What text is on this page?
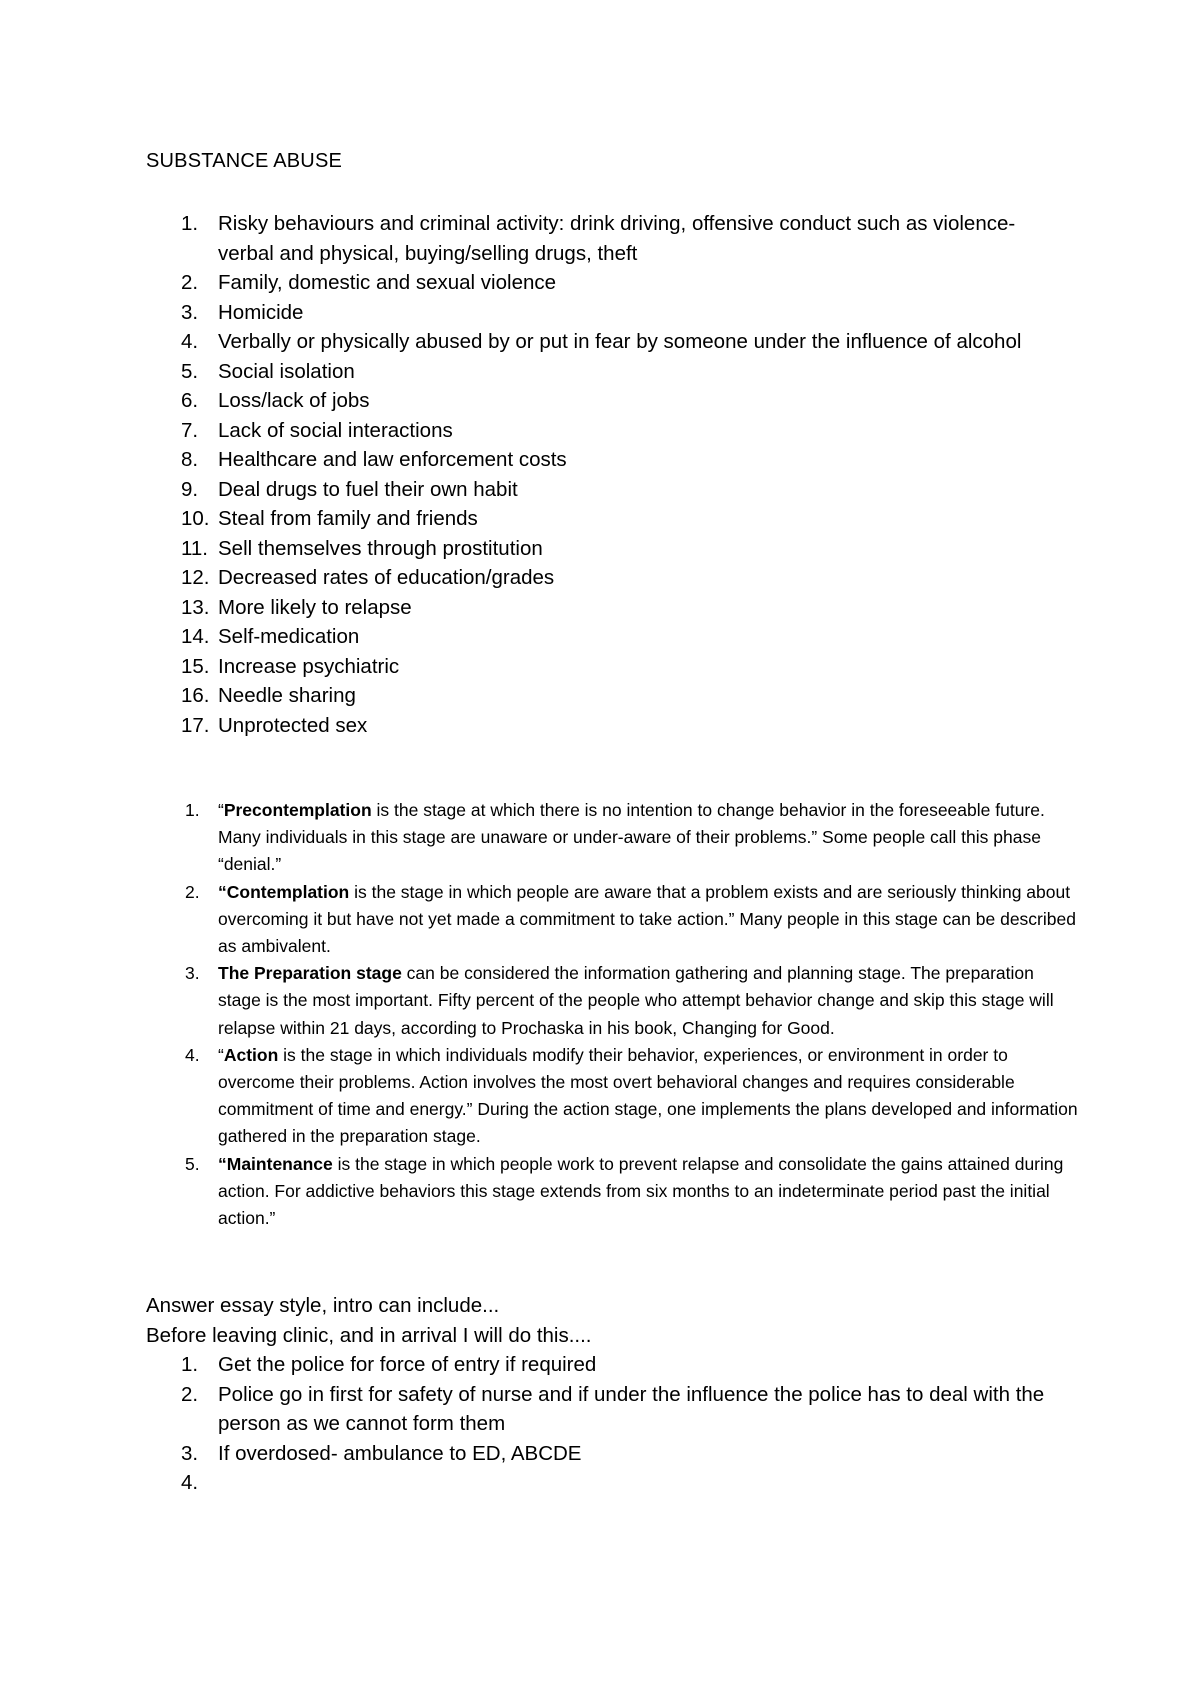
SUBSTANCE ABUSE
1. Risky behaviours and criminal activity: drink driving, offensive conduct such as violence- verbal and physical, buying/selling drugs, theft
2. Family, domestic and sexual violence
3. Homicide
4. Verbally or physically abused by or put in fear by someone under the influence of alcohol
5. Social isolation
6. Loss/lack of jobs
7. Lack of social interactions
8. Healthcare and law enforcement costs
9. Deal drugs to fuel their own habit
10. Steal from family and friends
11. Sell themselves through prostitution
12. Decreased rates of education/grades
13. More likely to relapse
14. Self-medication
15. Increase psychiatric
16. Needle sharing
17. Unprotected sex
1. “Precontemplation is the stage at which there is no intention to change behavior in the foreseeable future. Many individuals in this stage are unaware or under-aware of their problems.” Some people call this phase “denial.”
2. “Contemplation is the stage in which people are aware that a problem exists and are seriously thinking about overcoming it but have not yet made a commitment to take action.” Many people in this stage can be described as ambivalent.
3. The Preparation stage can be considered the information gathering and planning stage. The preparation stage is the most important. Fifty percent of the people who attempt behavior change and skip this stage will relapse within 21 days, according to Prochaska in his book, Changing for Good.
4. “Action is the stage in which individuals modify their behavior, experiences, or environment in order to overcome their problems. Action involves the most overt behavioral changes and requires considerable commitment of time and energy.” During the action stage, one implements the plans developed and information gathered in the preparation stage.
5. “Maintenance is the stage in which people work to prevent relapse and consolidate the gains attained during action. For addictive behaviors this stage extends from six months to an indeterminate period past the initial action.”
Answer essay style, intro can include...
Before leaving clinic, and in arrival I will do this....
1. Get the police for force of entry if required
2. Police go in first for safety of nurse and if under the influence the police has to deal with the person as we cannot form them
3. If overdosed- ambulance to ED, ABCDE
4.
